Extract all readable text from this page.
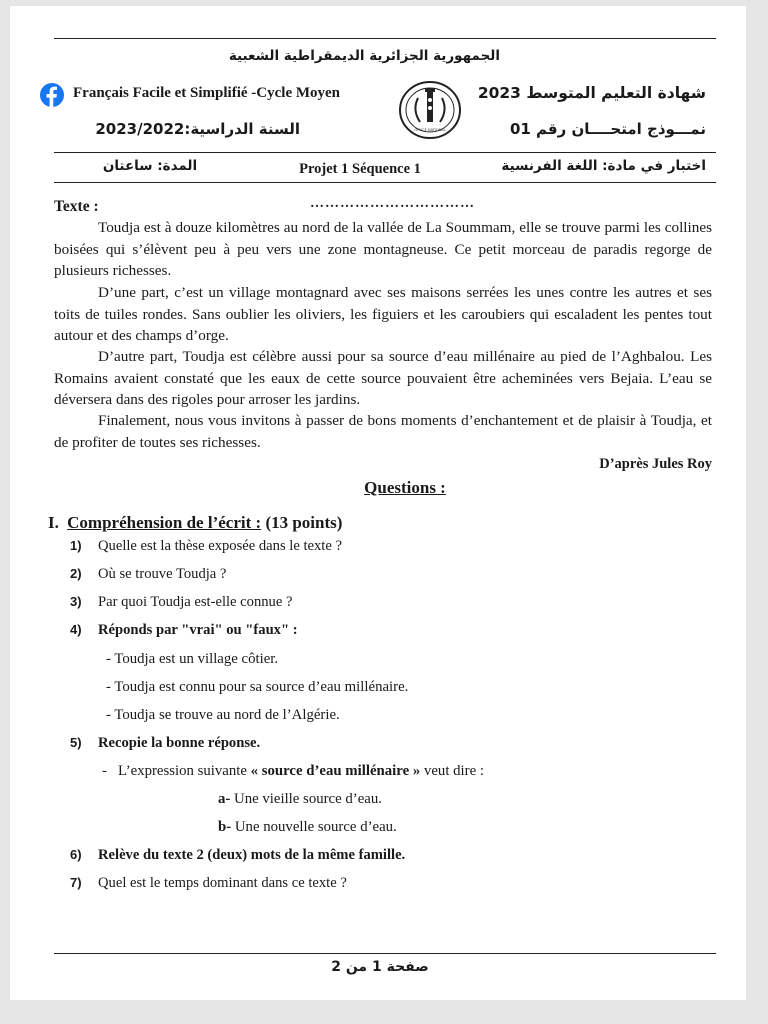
الجمهورية الجزائرية الديمقراطية الشعبية
Français Facile et Simplifié -Cycle Moyen
OFFICE NATIONAL
شهادة التعليم المتوسط 2023
السنة الدراسية:2023/2022	نمـــوذج امتحــــان رقم 01
المدة: ساعتان	Projet 1 Séquence 1	اختبار في مادة: اللغة الفرنسية
Texte :	……………………………
Toudja est à douze kilomètres au nord de la vallée de La Soummam, elle se trouve parmi les collines boisées qui s’élèvent peu à peu vers une zone montagneuse. Ce petit morceau de paradis regorge de plusieurs richesses.
D’une part, c’est un village montagnard avec ses maisons serrées les unes contre les autres et ses toits de tuiles rondes. Sans oublier les oliviers, les figuiers et les caroubiers qui escaladent les pentes tout autour et des champs d’orge.
D’autre part, Toudja est célèbre aussi pour sa source d’eau millénaire au pied de l’Aghbalou. Les Romains avaient constaté que les eaux de cette source pouvaient être acheminées vers Bejaia. L’eau se déversera dans des rigoles pour arroser les jardins.
Finalement, nous vous invitons à passer de bons moments d’enchantement et de plaisir à Toudja, et de profiter de toutes ses richesses.
D’après Jules Roy
Questions :
I. Compréhension de l’écrit : (13 points)
1) Quelle est la thèse exposée dans le texte ?
2) Où se trouve Toudja ?
3) Par quoi Toudja est-elle connue ?
4) Réponds par "vrai" ou "faux" :
- Toudja est un village côtier.
- Toudja est connu pour sa source d’eau millénaire.
- Toudja se trouve au nord de l’Algérie.
5) Recopie la bonne réponse.
-   L’expression suivante « source d’eau millénaire » veut dire :
a- Une vieille source d’eau.
b- Une nouvelle source d’eau.
6) Relève du texte 2 (deux) mots de la même famille.
7) Quel est le temps dominant dans ce texte ?
صفحة 1 من 2
